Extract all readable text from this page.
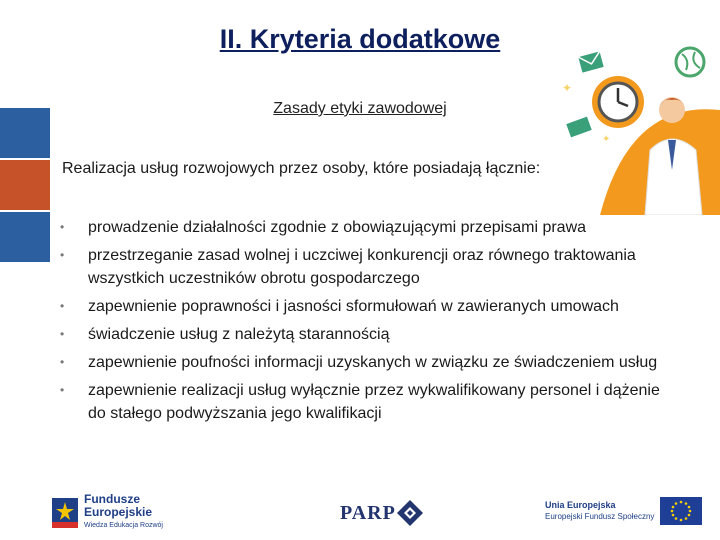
II. Kryteria dodatkowe
Zasady etyki zawodowej
Realizacja usług rozwojowych przez osoby, które posiadają łącznie:
• prowadzenie działalności zgodnie z obowiązującymi przepisami prawa
• przestrzeganie zasad wolnej i uczciwej konkurencji oraz równego traktowania wszystkich uczestników obrotu gospodarczego
• zapewnienie poprawności i jasności sformułowań w zawieranych umowach
• świadczenie usług z należytą starannością
• zapewnienie poufności informacji uzyskanych w związku ze świadczeniem usług
• zapewnienie realizacji usług wyłącznie przez wykwalifikowany personel i dążenie do stałego podwyższania jego kwalifikacji
✦
✦
Fundusze
Europejskie
Wiedza Edukacja Rozwój
PARP	Unia Europejska
Europejski Fundusz Społeczny
